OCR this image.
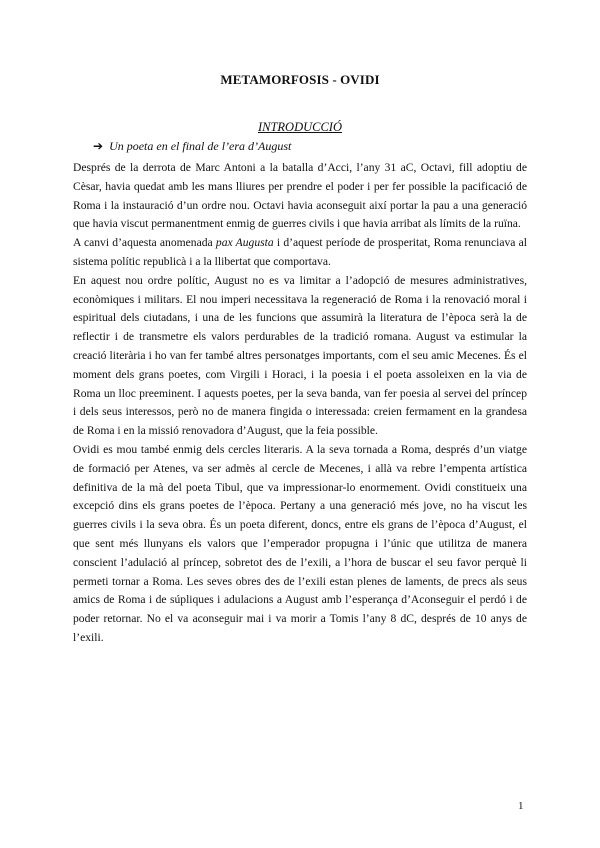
METAMORFOSIS - OVIDI
INTRODUCCIÓ
➔ Un poeta en el final de l’era d’August

Després de la derrota de Marc Antoni a la batalla d’Acci, l’any 31 aC, Octavi, fill adoptiu de Cèsar, havia quedat amb les mans lliures per prendre el poder i per fer possible la pacificació de Roma i la instauració d’un ordre nou. Octavi havia aconseguit així portar la pau a una generació que havia viscut permanentment enmig de guerres civils i que havia arribat als límits de la ruïna.

A canvi d’aquesta anomenada pax Augusta i d’aquest període de prosperitat, Roma renunciava al sistema polític republicà i a la llibertat que comportava.

En aquest nou ordre polític, August no es va limitar a l’adopció de mesures administratives, econòmiques i militars. El nou imperi necessitava la regeneració de Roma i la renovació moral i espiritual dels ciutadans, i una de les funcions que assumirà la literatura de l’època serà la de reflectir i de transmetre els valors perdurables de la tradició romana. August va estimular la creació literària i ho van fer també altres personatges importants, com el seu amic Mecenes. És el moment dels grans poetes, com Virgili i Horaci, i la poesia i el poeta assoleixen en la via de Roma un lloc preeminent. I aquests poetes, per la seva banda, van fer poesia al servei del príncep i dels seus interessos, però no de manera fingida o interessada: creien fermament en la grandesa de Roma i en la missió renovadora d’August, que la feia possible.

Ovidi es mou també enmig dels cercles literaris. A la seva tornada a Roma, després d’un viatge de formació per Atenes, va ser admès al cercle de Mecenes, i allà va rebre l’empenta artística definitiva de la mà del poeta Tibul, que va impressionar-lo enormement. Ovidi constitueix una excepció dins els grans poetes de l’època. Pertany a una generació més jove, no ha viscut les guerres civils i la seva obra. És un poeta diferent, doncs, entre els grans de l’època d’August, el que sent més llunyans els valors que l’emperador propugna i l’únic que utilitza de manera conscient l’adulació al príncep, sobretot des de l’exili, a l’hora de buscar el seu favor perquè li permeti tornar a Roma. Les seves obres des de l’exili estan plenes de laments, de precs als seus amics de Roma i de súpliques i adulacions a August amb l’esperança d’Aconseguir el perdó i de poder retornar. No el va aconseguir mai i va morir a Tomis l’any 8 dC, després de 10 anys de l’exili.

1
